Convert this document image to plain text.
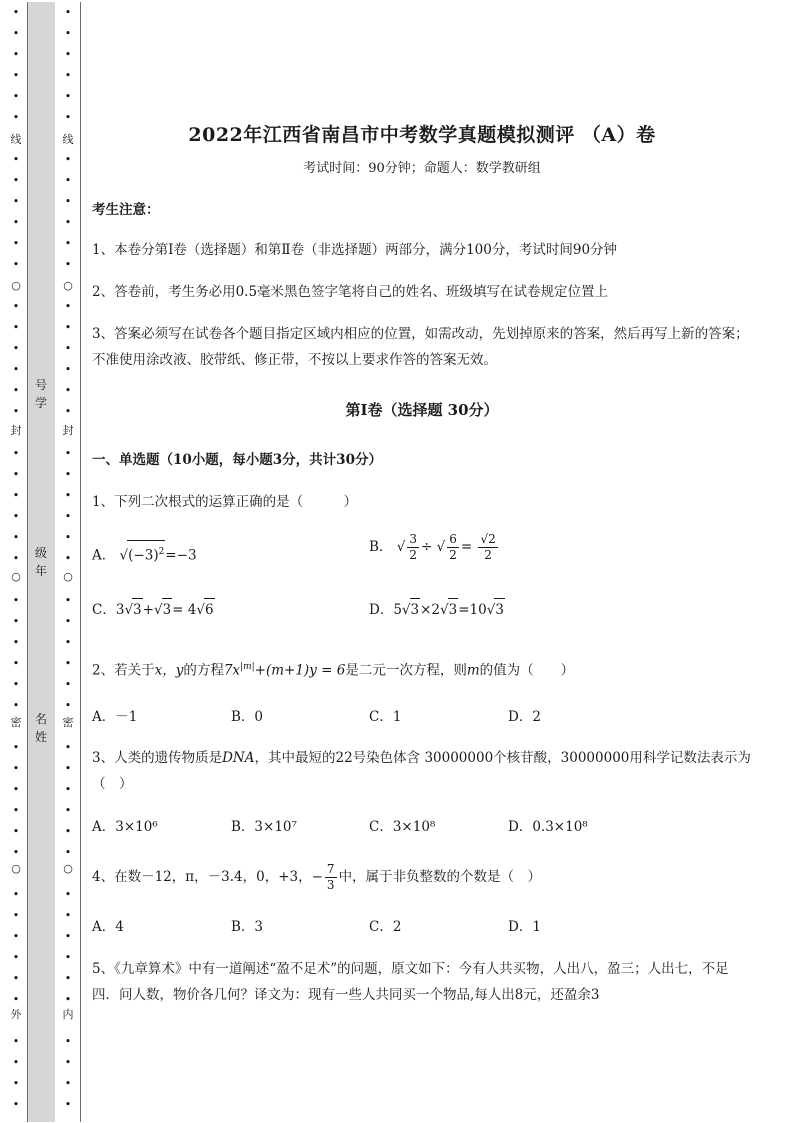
线
○
封
○
密
○
外
•
•
•
•
•
•
•
•
•
•
•
•
•
•
•
•
•
•
•
•
•
•
•
•
•
•
•
•
•
•
•
•
•
•
•
•
•
•
•
•
•
•
•
•
•
•
线
○
封
○
密
○
内
•
•
•
•
•
•
•
•
•
•
•
•
•
•
•
•
•
•
•
•
•
•
•
•
•
•
•
•
•
•
•
•
•
•
•
•
•
•
•
•
•
•
•
•
•
•
号学
级年
名姓
2022年江西省南昌市中考数学真题模拟测评 （A）卷
考试时间：90分钟；命题人：数学教研组
考生注意：
1、本卷分第I卷（选择题）和第Ⅱ卷（非选择题）两部分，满分100分，考试时间90分钟
2、答卷前，考生务必用0.5毫米黑色签字笔将自己的姓名、班级填写在试卷规定位置上
3、答案必须写在试卷各个题目指定区域内相应的位置，如需改动，先划掉原来的答案，然后再写上新的答案；不准使用涂改液、胶带纸、修正带，不按以上要求作答的答案无效。
第I卷（选择题 30分）
一、单选题（10小题，每小题3分，共计30分）
1、下列二次根式的运算正确的是（　　　）
A． $√(-3)^2=-3$
B． √ $\frac{3}{2}$ ÷ √ $\frac{6}{2} = \frac{√2}{2}$
C．3√3+√3= 4√6	D．5√3×2√3=10√3
2、若关于x，y的方程$7x^{|m|}+(m+1)y = 6$是二元一次方程，则m的值为（　　）
A．－1	B．0	C．1	D．2
3、人类的遗传物质是DNA，其中最短的22号染色体含 30000000个核苷酸，30000000用科学记数法表示为（　）
A．3×10⁶	B．3×10⁷	C．3×10⁸	D．0.3×10⁸
4、在数－12，π，－3.4，0，+3，− $\frac{7}{3}$ 中，属于非负整数的个数是（　）
A．4	B．3	C．2	D．1
5、《九章算术》中有一道阐述“盈不足术”的问题，原文如下：今有人共买物，人出八，盈三；人出七，不足四．问人数，物价各几何？译文为：现有一些人共同买一个物品,每人出8元，还盈余3
